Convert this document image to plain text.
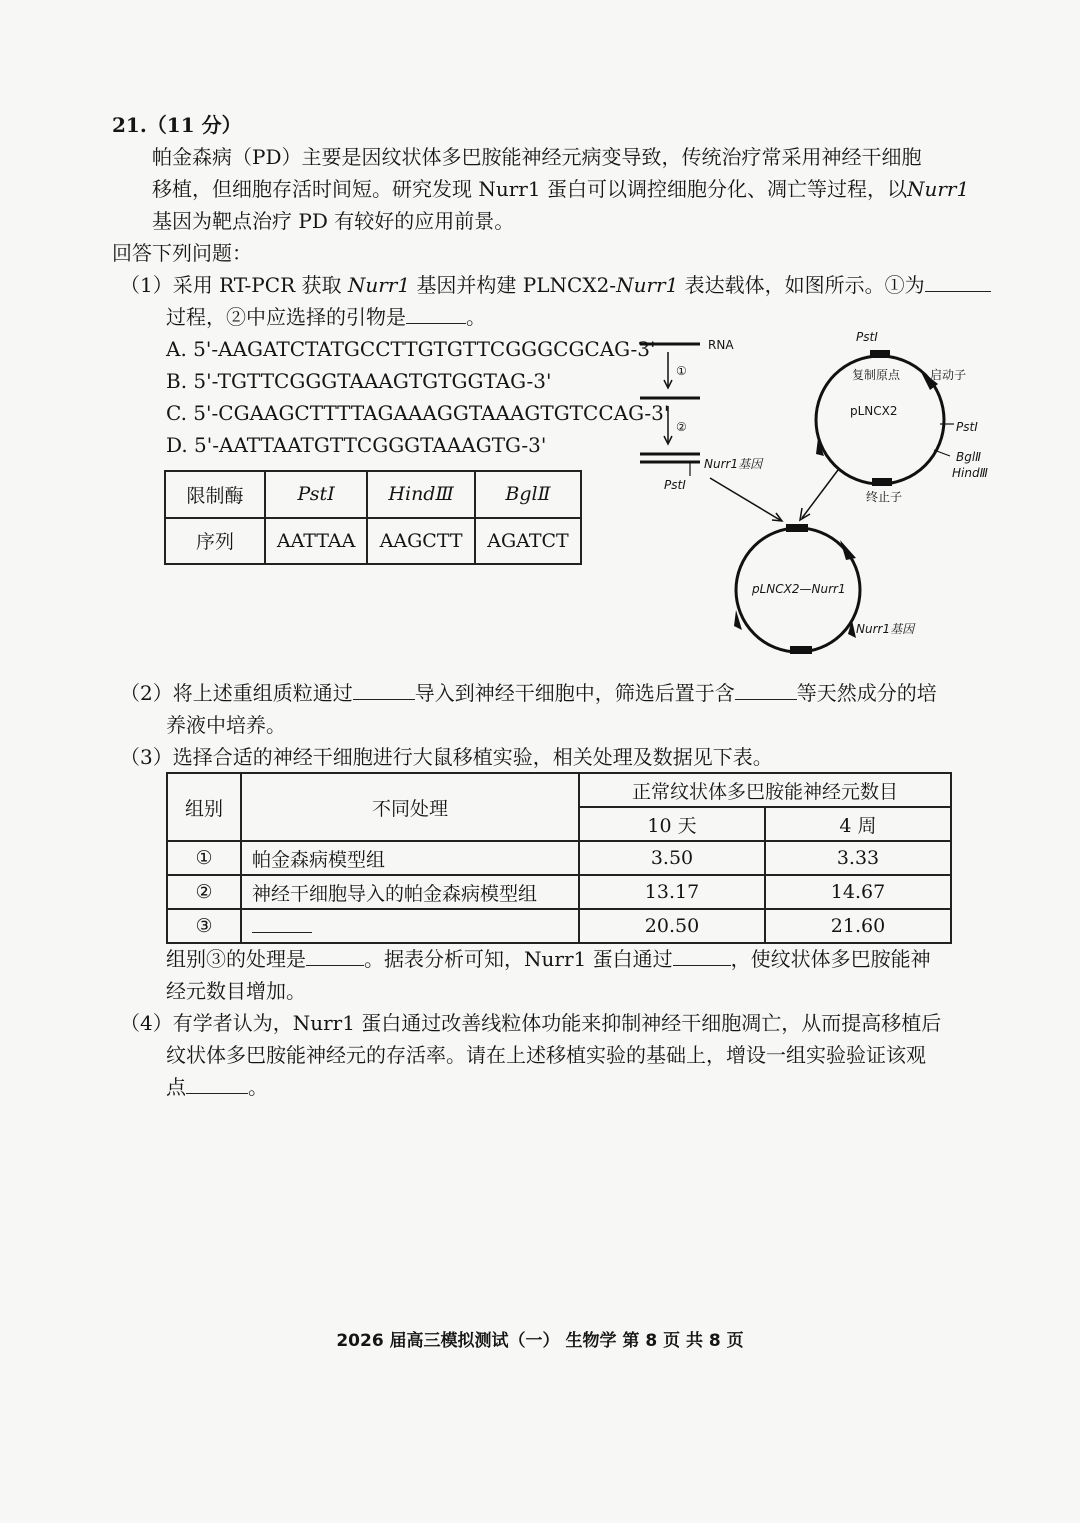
21.（11 分）
帕金森病（PD）主要是因纹状体多巴胺能神经元病变导致，传统治疗常采用神经干细胞
移植，但细胞存活时间短。研究发现 Nurr1 蛋白可以调控细胞分化、凋亡等过程，以Nurr1
基因为靶点治疗 PD 有较好的应用前景。
回答下列问题：
（1）采用 RT-PCR 获取 Nurr1 基因并构建 PLNCX2-Nurr1 表达载体，如图所示。①为
过程，②中应选择的引物是	。
A. 5'-AAGATCTATGCCTTGTGTTCGGGCGCAG-3'
B. 5'-TGTTCGGGTAAAGTGTGGTAG-3'
C. 5'-CGAAGCTTTTAGAAAGGTAAAGTGTCCAG-3'
D. 5'-AATTAATGTTCGGGTAAAGTG-3'
限制酶	PstⅠ	HindⅢ	BglⅡ
序列	AATTAA	AAGCTT	AGATCT
RNA
①
②
Nurr1基因
PstⅠ
PstⅠ
复制原点 启动子
pLNCX2
PstⅠ
BglⅡ
HindⅢ
终止子
pLNCX2—Nurr1
Nurr1基因
（2）将上述重组质粒通过	导入到神经干细胞中，筛选后置于含	等天然成分的培
养液中培养。
（3）选择合适的神经干细胞进行大鼠移植实验，相关处理及数据见下表。
组别	不同处理	正常纹状体多巴胺能神经元数目	
		10 天	4 周
①	帕金森病模型组	3.50	3.33
②	神经干细胞导入的帕金森病模型组	13.17	14.67
③		20.50	21.60
组别③的处理是	。据表分析可知，Nurr1 蛋白通过	，使纹状体多巴胺能神
经元数目增加。
（4）有学者认为，Nurr1 蛋白通过改善线粒体功能来抑制神经干细胞凋亡，从而提高移植后
纹状体多巴胺能神经元的存活率。请在上述移植实验的基础上，增设一组实验验证该观
点	。
2026 届高三模拟测试（一） 生物学 第 8 页 共 8 页
